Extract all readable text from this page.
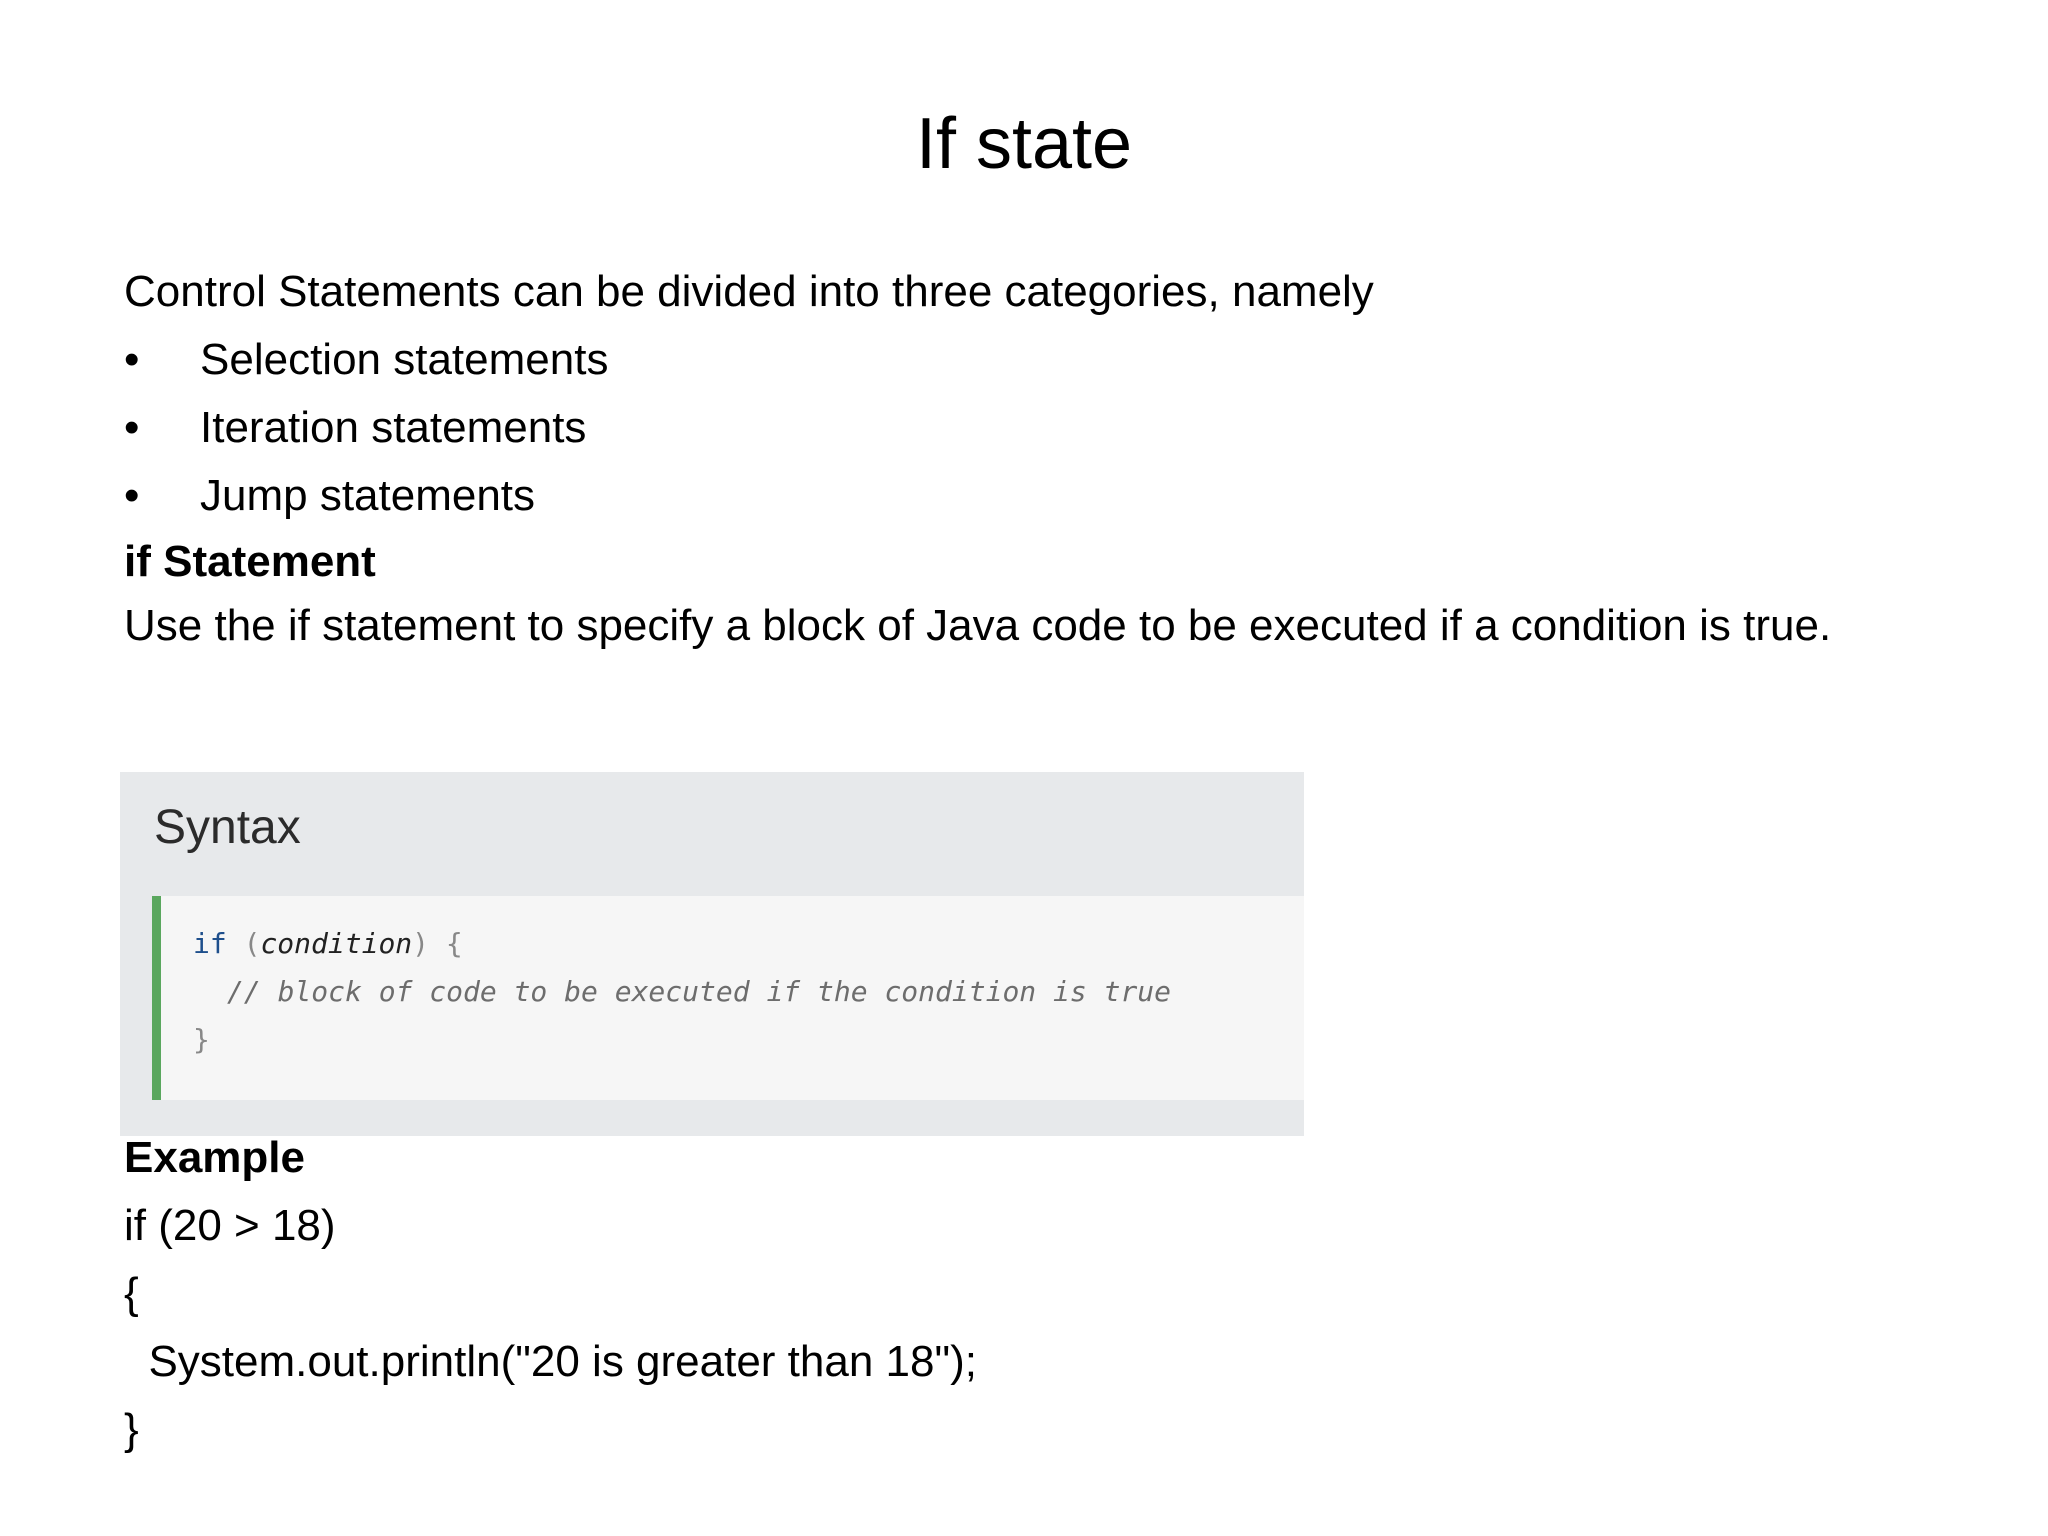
If state
Control Statements can be divided into three categories, namely
• Selection statements
• Iteration statements
• Jump statements
if Statement
Use the if statement to specify a block of Java code to be executed if a condition is true.
Syntax
if (condition) {
// block of code to be executed if the condition is true
}
Example
if (20 > 18)
{
System.out.println("20 is greater than 18");
}
